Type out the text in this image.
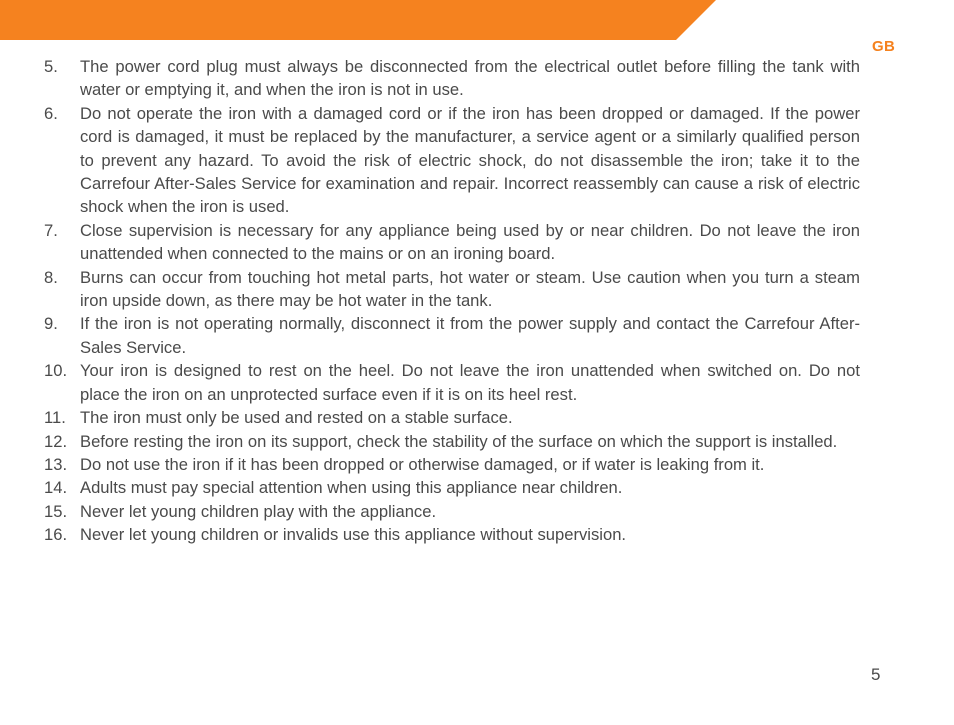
GB
5.	The power cord plug must always be disconnected from the electrical outlet before filling the tank with water or emptying it, and when the iron is not in use.
6.	Do not operate the iron with a damaged cord or if the iron has been dropped or damaged. If the power cord is damaged, it must be replaced by the manufacturer, a service agent or a similarly qualified person to prevent any hazard. To avoid the risk of electric shock, do not disassemble the iron; take it to the Carrefour After-Sales Service for examination and repair. Incorrect reassembly can cause a risk of electric shock when the iron is used.
7.	Close supervision is necessary for any appliance being used by or near children. Do not leave the iron unattended when connected to the mains or on an ironing board.
8.	Burns can occur from touching hot metal parts, hot water or steam. Use caution when you turn a steam iron upside down, as there may be hot water in the tank.
9.	If the iron is not operating normally, disconnect it from the power supply and contact the Carrefour After-Sales Service.
10. Your iron is designed to rest on the heel. Do not leave the iron unattended when switched on. Do not place the iron on an unprotected surface even if it is on its heel rest.
11. The iron must only be used and rested on a stable surface.
12. Before resting the iron on its support, check the stability of the surface on which the support is installed.
13. Do not use the iron if it has been dropped or otherwise damaged, or if water is leaking from it.
14. Adults must pay special attention when using this appliance near children.
15. Never let young children play with the appliance.
16. Never let young children or invalids use this appliance without supervision.
5
